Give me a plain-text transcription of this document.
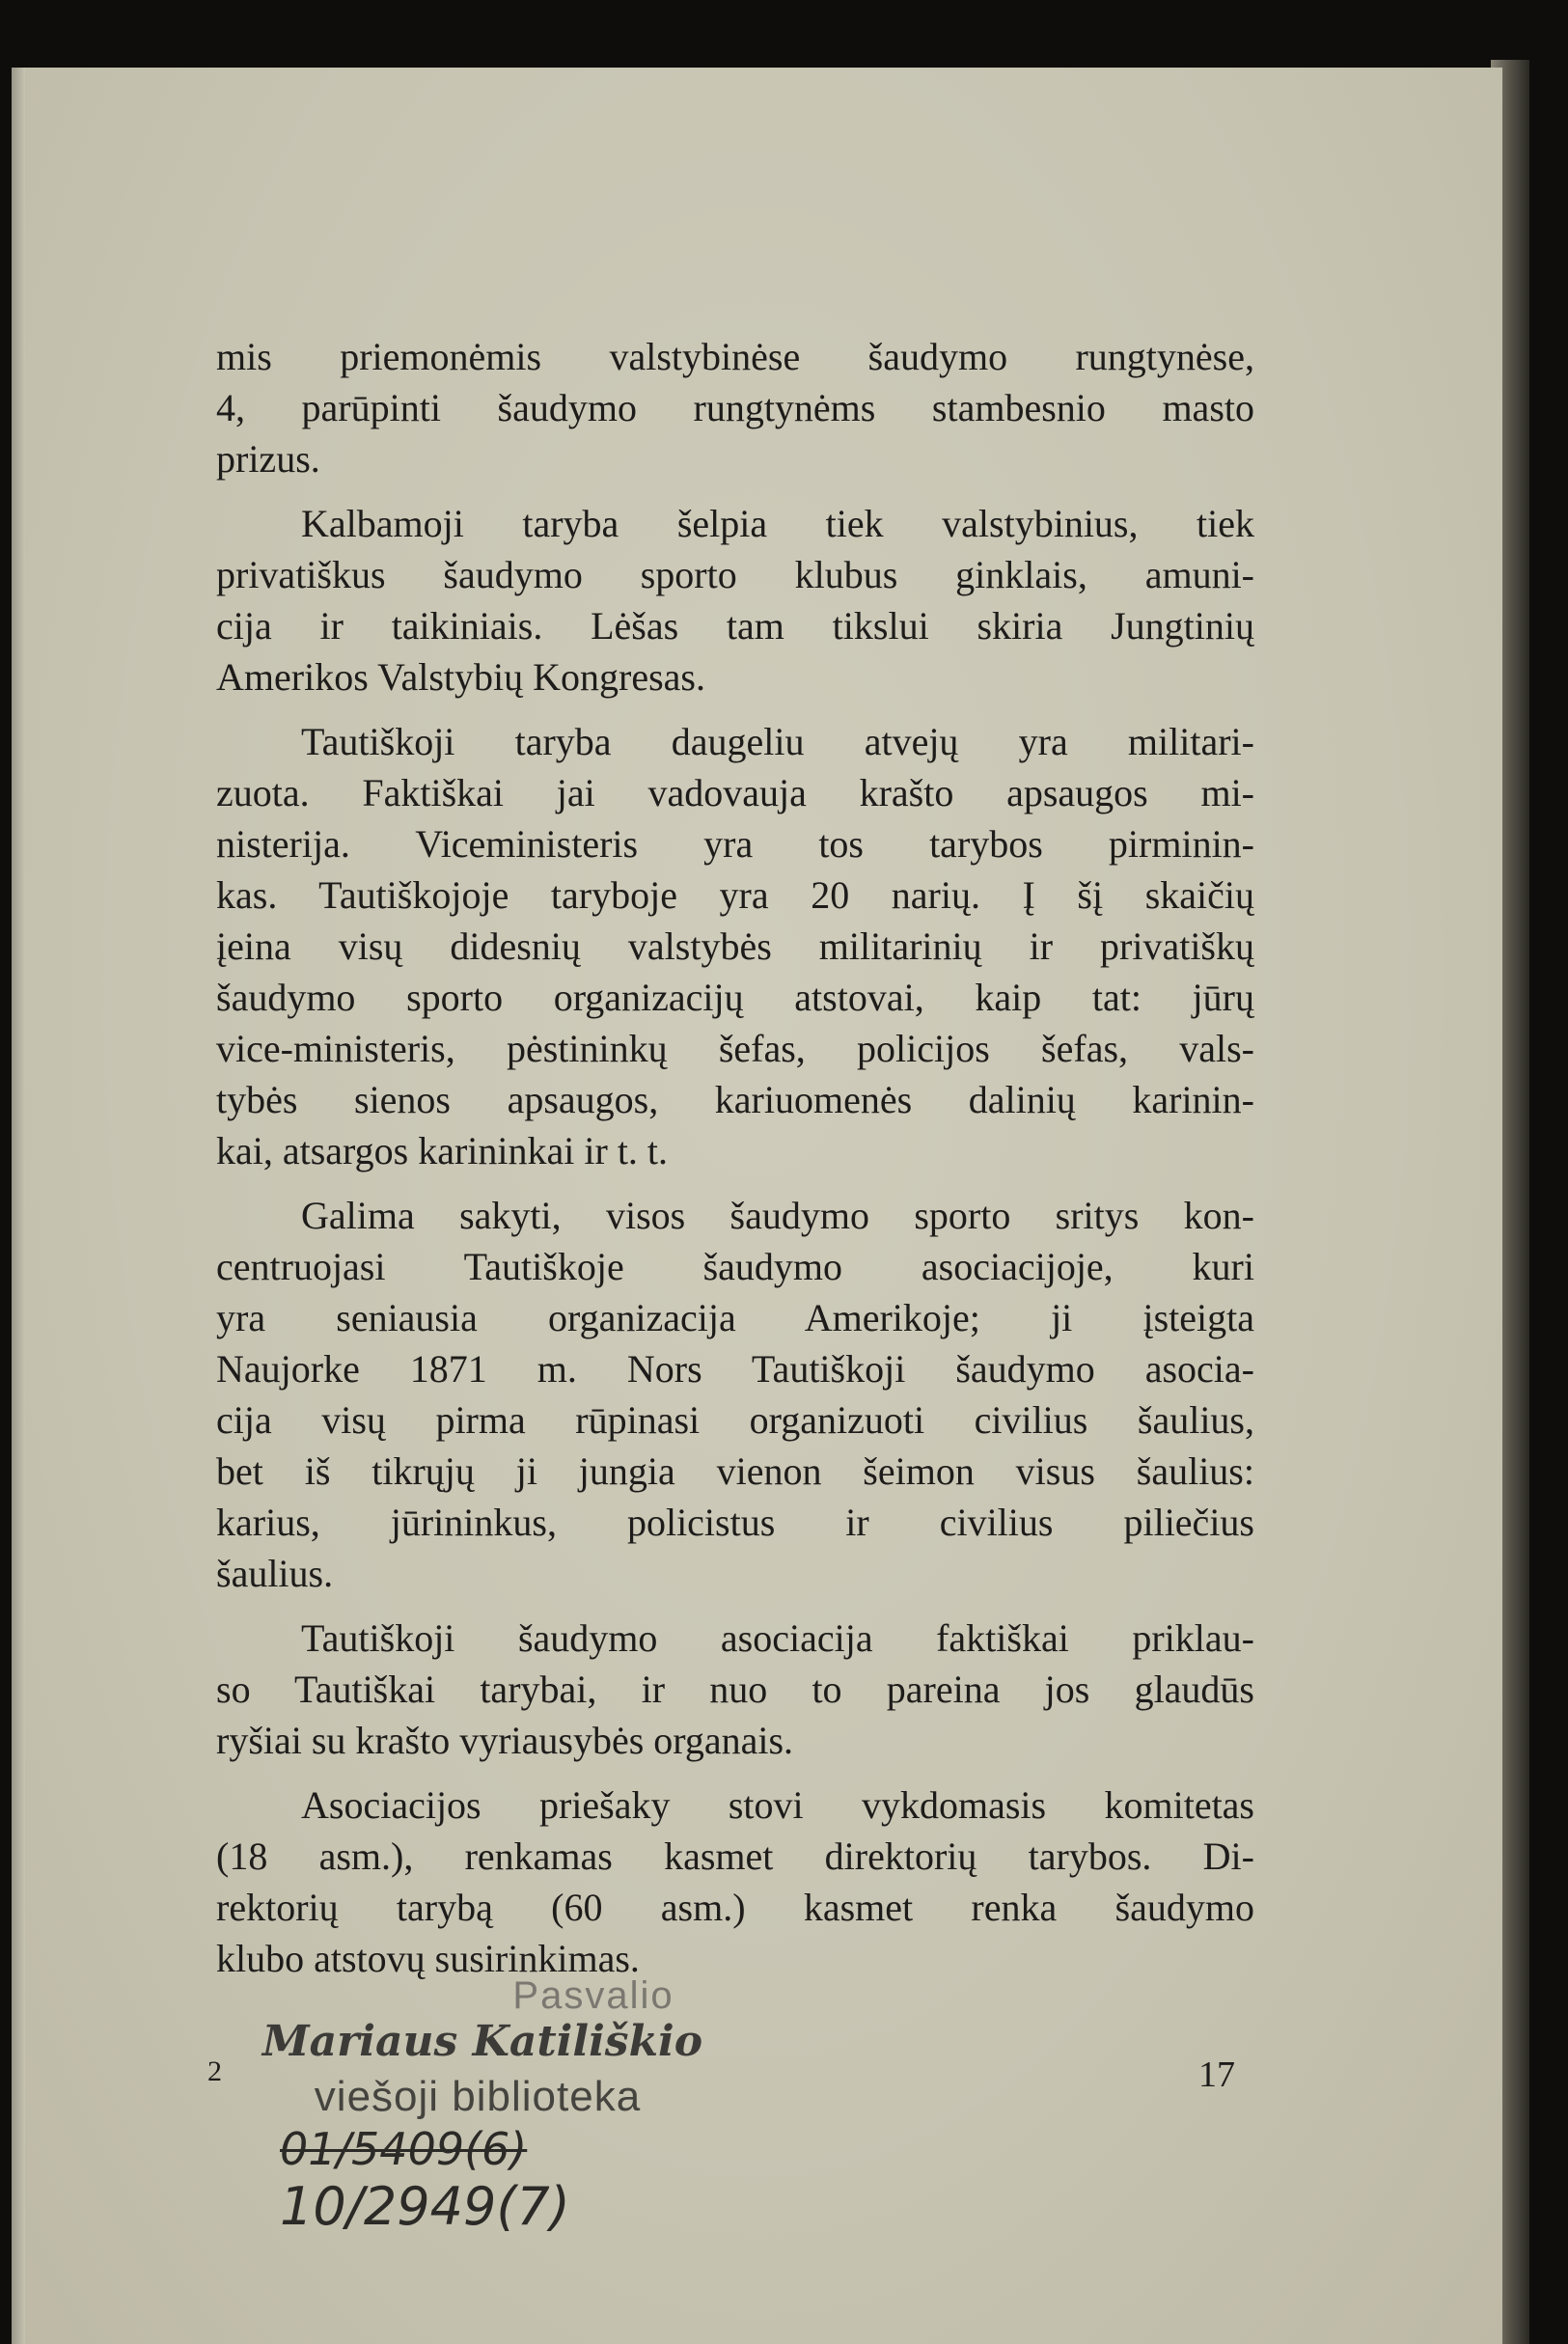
mis priemonėmis valstybinėse šaudymo rungtynėse,
4, parūpinti šaudymo rungtynėms stambesnio masto
prizus.
Kalbamoji taryba šelpia tiek valstybinius, tiek
privatiškus šaudymo sporto klubus ginklais, amuni-
cija ir taikiniais. Lėšas tam tikslui skiria Jungtinių
Amerikos Valstybių Kongresas.
Tautiškoji taryba daugeliu atvejų yra militari-
zuota. Faktiškai jai vadovauja krašto apsaugos mi-
nisterija. Viceministeris yra tos tarybos pirminin-
kas. Tautiškojoje taryboje yra 20 narių. Į šį skaičių
įeina visų didesnių valstybės militarinių ir privatiškų
šaudymo sporto organizacijų atstovai, kaip tat: jūrų
vice-ministeris, pėstininkų šefas, policijos šefas, vals-
tybės sienos apsaugos, kariuomenės dalinių karinin-
kai, atsargos karininkai ir t. t.
Galima sakyti, visos šaudymo sporto sritys kon-
centruojasi Tautiškoje šaudymo asociacijoje, kuri
yra seniausia organizacija Amerikoje; ji įsteigta
Naujorke 1871 m. Nors Tautiškoji šaudymo asocia-
cija visų pirma rūpinasi organizuoti civilius šaulius,
bet iš tikrųjų ji jungia vienon šeimon visus šaulius:
karius, jūrininkus, policistus ir civilius piliečius
šaulius.
Tautiškoji šaudymo asociacija faktiškai priklau-
so Tautiškai tarybai, ir nuo to pareina jos glaudūs
ryšiai su krašto vyriausybės organais.
Asociacijos priešaky stovi vykdomasis komitetas
(18 asm.), renkamas kasmet direktorių tarybos. Di-
rektorių tarybą (60 asm.) kasmet renka šaudymo
klubo atstovų susirinkimas.
2	17
Pasvalio
Mariaus Katiliškio
viešoji biblioteka
01/5409(6)
10/2949(7)
